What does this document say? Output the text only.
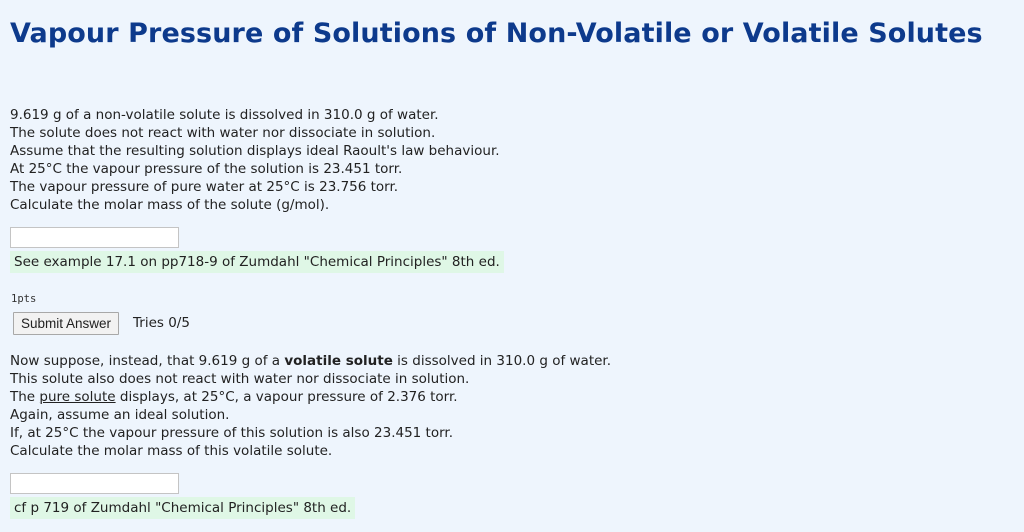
Vapour Pressure of Solutions of Non-Volatile or Volatile Solutes
9.619 g of a non-volatile solute is dissolved in 310.0 g of water.
The solute does not react with water nor dissociate in solution.
Assume that the resulting solution displays ideal Raoult's law behaviour.
At 25°C the vapour pressure of the solution is 23.451 torr.
The vapour pressure of pure water at 25°C is 23.756 torr.
Calculate the molar mass of the solute (g/mol).
See example 17.1 on pp718-9 of Zumdahl "Chemical Principles" 8th ed.
1pts
Submit Answer	Tries 0/5
Now suppose, instead, that 9.619 g of a volatile solute is dissolved in 310.0 g of water.
This solute also does not react with water nor dissociate in solution.
The pure solute displays, at 25°C, a vapour pressure of 2.376 torr.
Again, assume an ideal solution.
If, at 25°C the vapour pressure of this solution is also 23.451 torr.
Calculate the molar mass of this volatile solute.
cf p 719 of Zumdahl "Chemical Principles" 8th ed.
